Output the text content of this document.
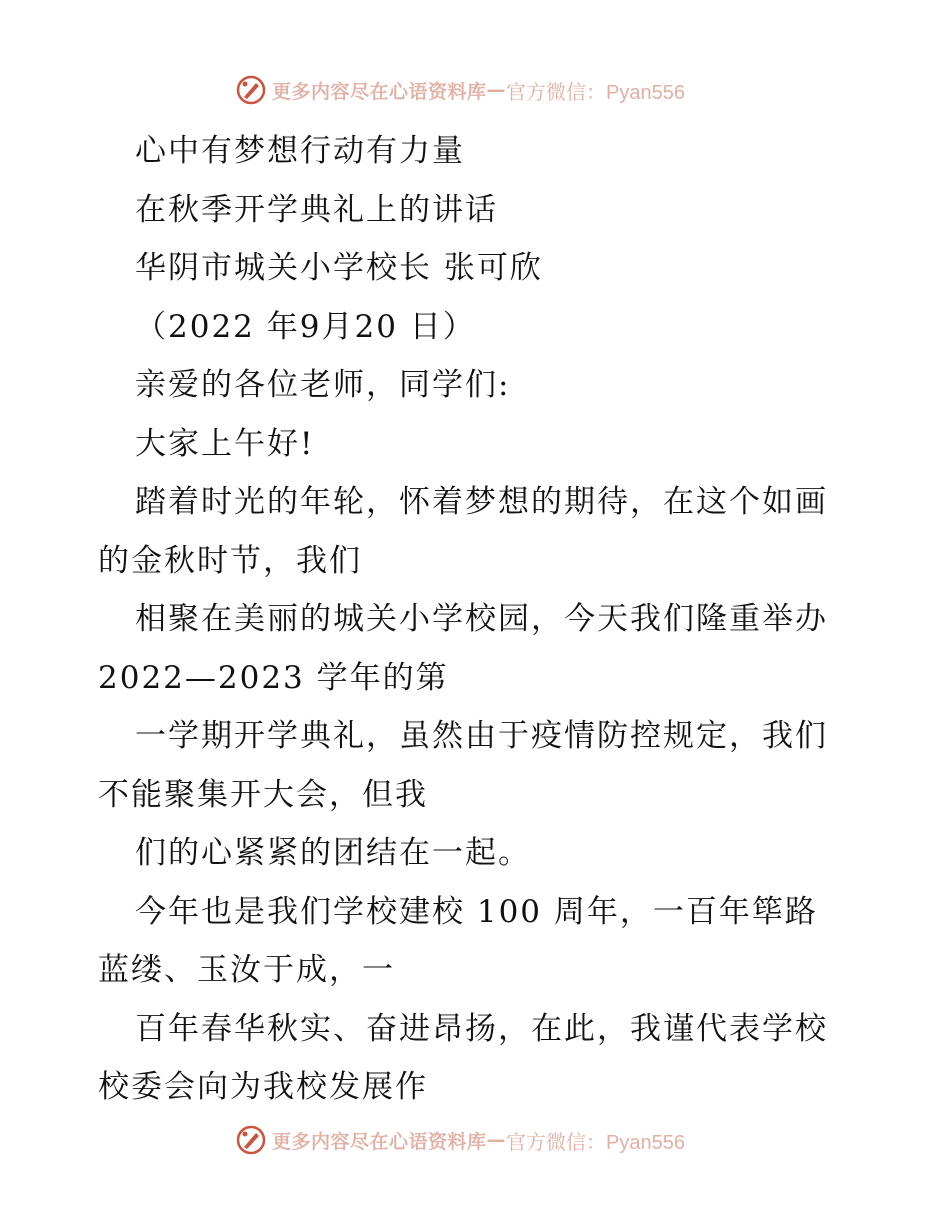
更多内容尽在心语资料库 — 官方微信：Pyan556
心中有梦想行动有力量
在秋季开学典礼上的讲话
华阴市城关小学校长 张可欣
（2022 年9月20 日）
亲爱的各位老师，同学们:
大家上午好!
踏着时光的年轮，怀着梦想的期待，在这个如画
的金秋时节，我们
相聚在美丽的城关小学校园，今天我们隆重举办
2022—2023 学年的第
一学期开学典礼，虽然由于疫情防控规定，我们
不能聚集开大会，但我
们的心紧紧的团结在一起。
今年也是我们学校建校 100 周年，一百年筚路
蓝缕、玉汝于成，一
百年春华秋实、奋进昂扬，在此，我谨代表学校
校委会向为我校发展作
更多内容尽在心语资料库 — 官方微信：Pyan556
